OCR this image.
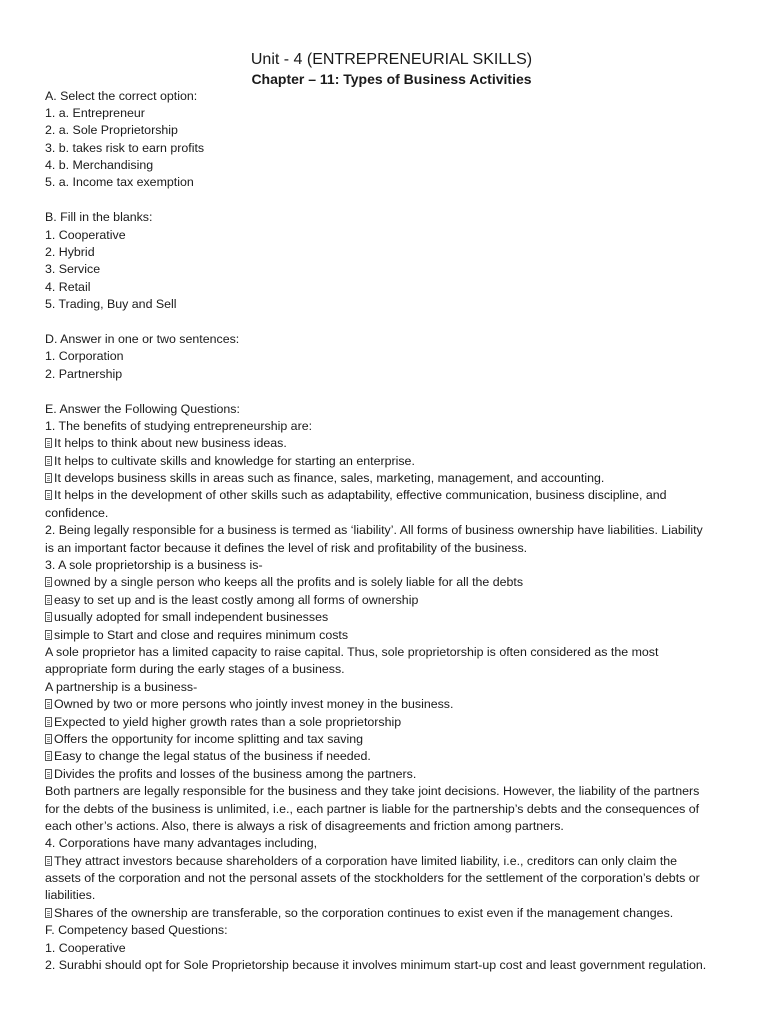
Unit - 4 (ENTREPRENEURIAL SKILLS)
Chapter – 11: Types of Business Activities
A. Select the correct option:
1. a. Entrepreneur
2. a. Sole Proprietorship
3. b. takes risk to earn profits
4. b. Merchandising
5. a. Income tax exemption
B. Fill in the blanks:
1. Cooperative
2. Hybrid
3. Service
4. Retail
5. Trading, Buy and Sell
D. Answer in one or two sentences:
1. Corporation
2. Partnership
E. Answer the Following Questions:
1. The benefits of studying entrepreneurship are:
It helps to think about new business ideas.
It helps to cultivate skills and knowledge for starting an enterprise.
It develops business skills in areas such as finance, sales, marketing, management, and accounting.
It helps in the development of other skills such as adaptability, effective communication, business discipline, and
confidence.
2. Being legally responsible for a business is termed as ‘liability’. All forms of business ownership have liabilities. Liability
is an important factor because it defines the level of risk and profitability of the business.
3. A sole proprietorship is a business is-
owned by a single person who keeps all the profits and is solely liable for all the debts
easy to set up and is the least costly among all forms of ownership
usually adopted for small independent businesses
simple to Start and close and requires minimum costs
A sole proprietor has a limited capacity to raise capital. Thus, sole proprietorship is often considered as the most
appropriate form during the early stages of a business.
A partnership is a business-
Owned by two or more persons who jointly invest money in the business.
Expected to yield higher growth rates than a sole proprietorship
Offers the opportunity for income splitting and tax saving
Easy to change the legal status of the business if needed.
Divides the profits and losses of the business among the partners.
Both partners are legally responsible for the business and they take joint decisions. However, the liability of the partners
for the debts of the business is unlimited, i.e., each partner is liable for the partnership’s debts and the consequences of
each other’s actions. Also, there is always a risk of disagreements and friction among partners.
4. Corporations have many advantages including,
They attract investors because shareholders of a corporation have limited liability, i.e., creditors can only claim the
assets of the corporation and not the personal assets of the stockholders for the settlement of the corporation’s debts or
liabilities.
Shares of the ownership are transferable, so the corporation continues to exist even if the management changes.
F. Competency based Questions:
1. Cooperative
2. Surabhi should opt for Sole Proprietorship because it involves minimum start-up cost and least government regulation.
